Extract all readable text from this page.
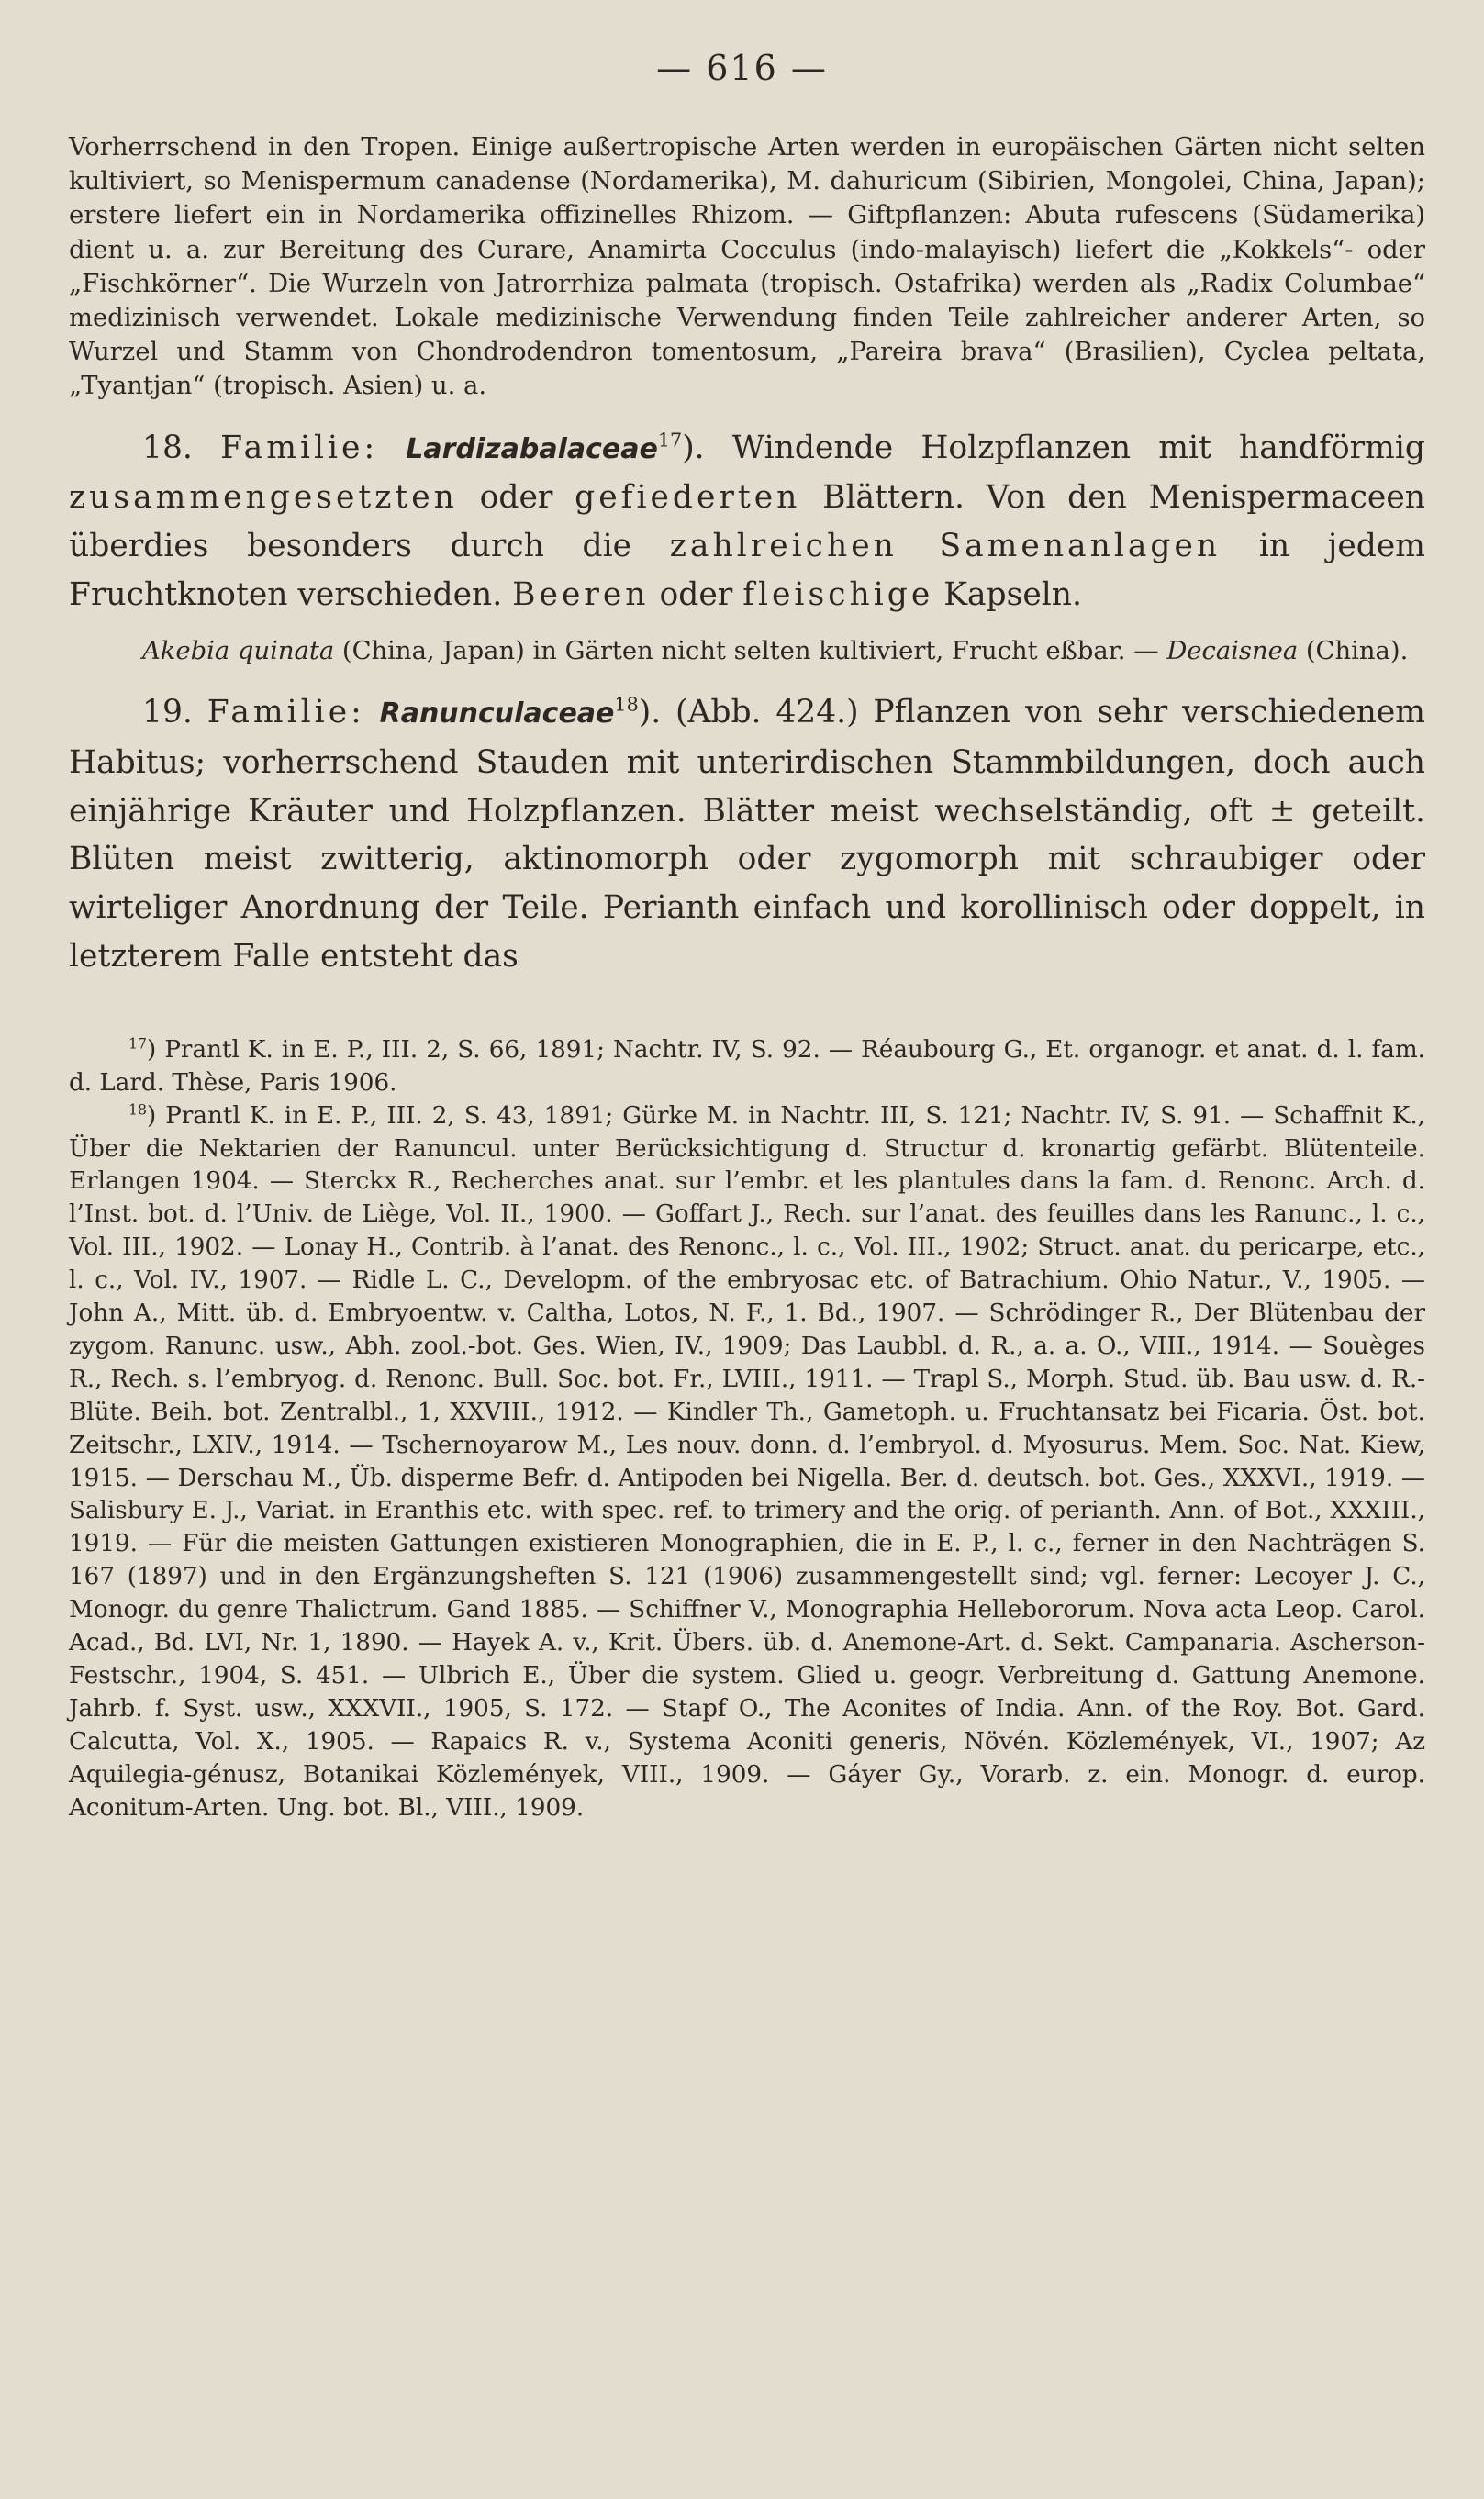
— 616 —

Vorherrschend in den Tropen. Einige außertropische Arten werden in europäischen Gärten nicht selten kultiviert, so Menispermum canadense (Nordamerika), M. dahuricum (Sibirien, Mongolei, China, Japan); erstere liefert ein in Nordamerika offizinelles Rhizom. — Giftpflanzen: Abuta rufescens (Südamerika) dient u. a. zur Bereitung des Curare, Anamirta Cocculus (indo-malayisch) liefert die „Kokkels“- oder „Fischkörner“. Die Wurzeln von Jatrorrhiza palmata (tropisch. Ostafrika) werden als „Radix Columbae“ medizinisch verwendet. Lokale medizinische Verwendung finden Teile zahlreicher anderer Arten, so Wurzel und Stamm von Chondrodendron tomentosum, „Pareira brava“ (Brasilien), Cyclea peltata, „Tyantjan“ (tropisch. Asien) u. a.

18. Familie: Lardizabalaceae$^{17}$). Windende Holzpflanzen mit handförmig zusammengesetzten oder gefiederten Blättern. Von den Menispermaceen überdies besonders durch die zahlreichen Samenanlagen in jedem Fruchtknoten verschieden. Beeren oder fleischige Kapseln.

Akebia quinata (China, Japan) in Gärten nicht selten kultiviert, Frucht eßbar. — Decaisnea (China).

19. Familie: Ranunculaceae$^{18}$). (Abb. 424.) Pflanzen von sehr verschiedenem Habitus; vorherrschend Stauden mit unterirdischen Stammbildungen, doch auch einjährige Kräuter und Holzpflanzen. Blätter meist wechselständig, oft ± geteilt. Blüten meist zwitterig, aktinomorph oder zygomorph mit schraubiger oder wirteliger Anordnung der Teile. Perianth einfach und korollinisch oder doppelt, in letzterem Falle entsteht das

$^{17}$) Prantl K. in E. P., III. 2, S. 66, 1891; Nachtr. IV, S. 92. — Réaubourg G., Et. organogr. et anat. d. l. fam. d. Lard. Thèse, Paris 1906.

$^{18}$) Prantl K. in E. P., III. 2, S. 43, 1891; Gürke M. in Nachtr. III, S. 121; Nachtr. IV, S. 91. — Schaffnit K., Über die Nektarien der Ranuncul. unter Berücksichtigung d. Structur d. kronartig gefärbt. Blütenteile. Erlangen 1904. — Sterckx R., Recherches anat. sur l’embr. et les plantules dans la fam. d. Renonc. Arch. d. l’Inst. bot. d. l’Univ. de Liège, Vol. II., 1900. — Goffart J., Rech. sur l’anat. des feuilles dans les Ranunc., l. c., Vol. III., 1902. — Lonay H., Contrib. à l’anat. des Renonc., l. c., Vol. III., 1902; Struct. anat. du pericarpe, etc., l. c., Vol. IV., 1907. — Ridle L. C., Developm. of the embryosac etc. of Batrachium. Ohio Natur., V., 1905. — John A., Mitt. üb. d. Embryoentw. v. Caltha, Lotos, N. F., 1. Bd., 1907. — Schrödinger R., Der Blütenbau der zygom. Ranunc. usw., Abh. zool.-bot. Ges. Wien, IV., 1909; Das Laubbl. d. R., a. a. O., VIII., 1914. — Souèges R., Rech. s. l’embryog. d. Renonc. Bull. Soc. bot. Fr., LVIII., 1911. — Trapl S., Morph. Stud. üb. Bau usw. d. R.-Blüte. Beih. bot. Zentralbl., 1, XXVIII., 1912. — Kindler Th., Gametoph. u. Fruchtansatz bei Ficaria. Öst. bot. Zeitschr., LXIV., 1914. — Tschernoyarow M., Les nouv. donn. d. l’embryol. d. Myosurus. Mem. Soc. Nat. Kiew, 1915. — Derschau M., Üb. disperme Befr. d. Antipoden bei Nigella. Ber. d. deutsch. bot. Ges., XXXVI., 1919. — Salisbury E. J., Variat. in Eranthis etc. with spec. ref. to trimery and the orig. of perianth. Ann. of Bot., XXXIII., 1919. — Für die meisten Gattungen existieren Monographien, die in E. P., l. c., ferner in den Nachträgen S. 167 (1897) und in den Ergänzungsheften S. 121 (1906) zusammengestellt sind; vgl. ferner: Lecoyer J. C., Monogr. du genre Thalictrum. Gand 1885. — Schiffner V., Monographia Hellebororum. Nova acta Leop. Carol. Acad., Bd. LVI, Nr. 1, 1890. — Hayek A. v., Krit. Übers. üb. d. Anemone-Art. d. Sekt. Campanaria. Ascherson-Festschr., 1904, S. 451. — Ulbrich E., Über die system. Glied u. geogr. Verbreitung d. Gattung Anemone. Jahrb. f. Syst. usw., XXXVII., 1905, S. 172. — Stapf O., The Aconites of India. Ann. of the Roy. Bot. Gard. Calcutta, Vol. X., 1905. — Rapaics R. v., Systema Aconiti generis, Növén. Közlemények, VI., 1907; Az Aquilegia-génusz, Botanikai Közlemények, VIII., 1909. — Gáyer Gy., Vorarb. z. ein. Monogr. d. europ. Aconitum-Arten. Ung. bot. Bl., VIII., 1909.
